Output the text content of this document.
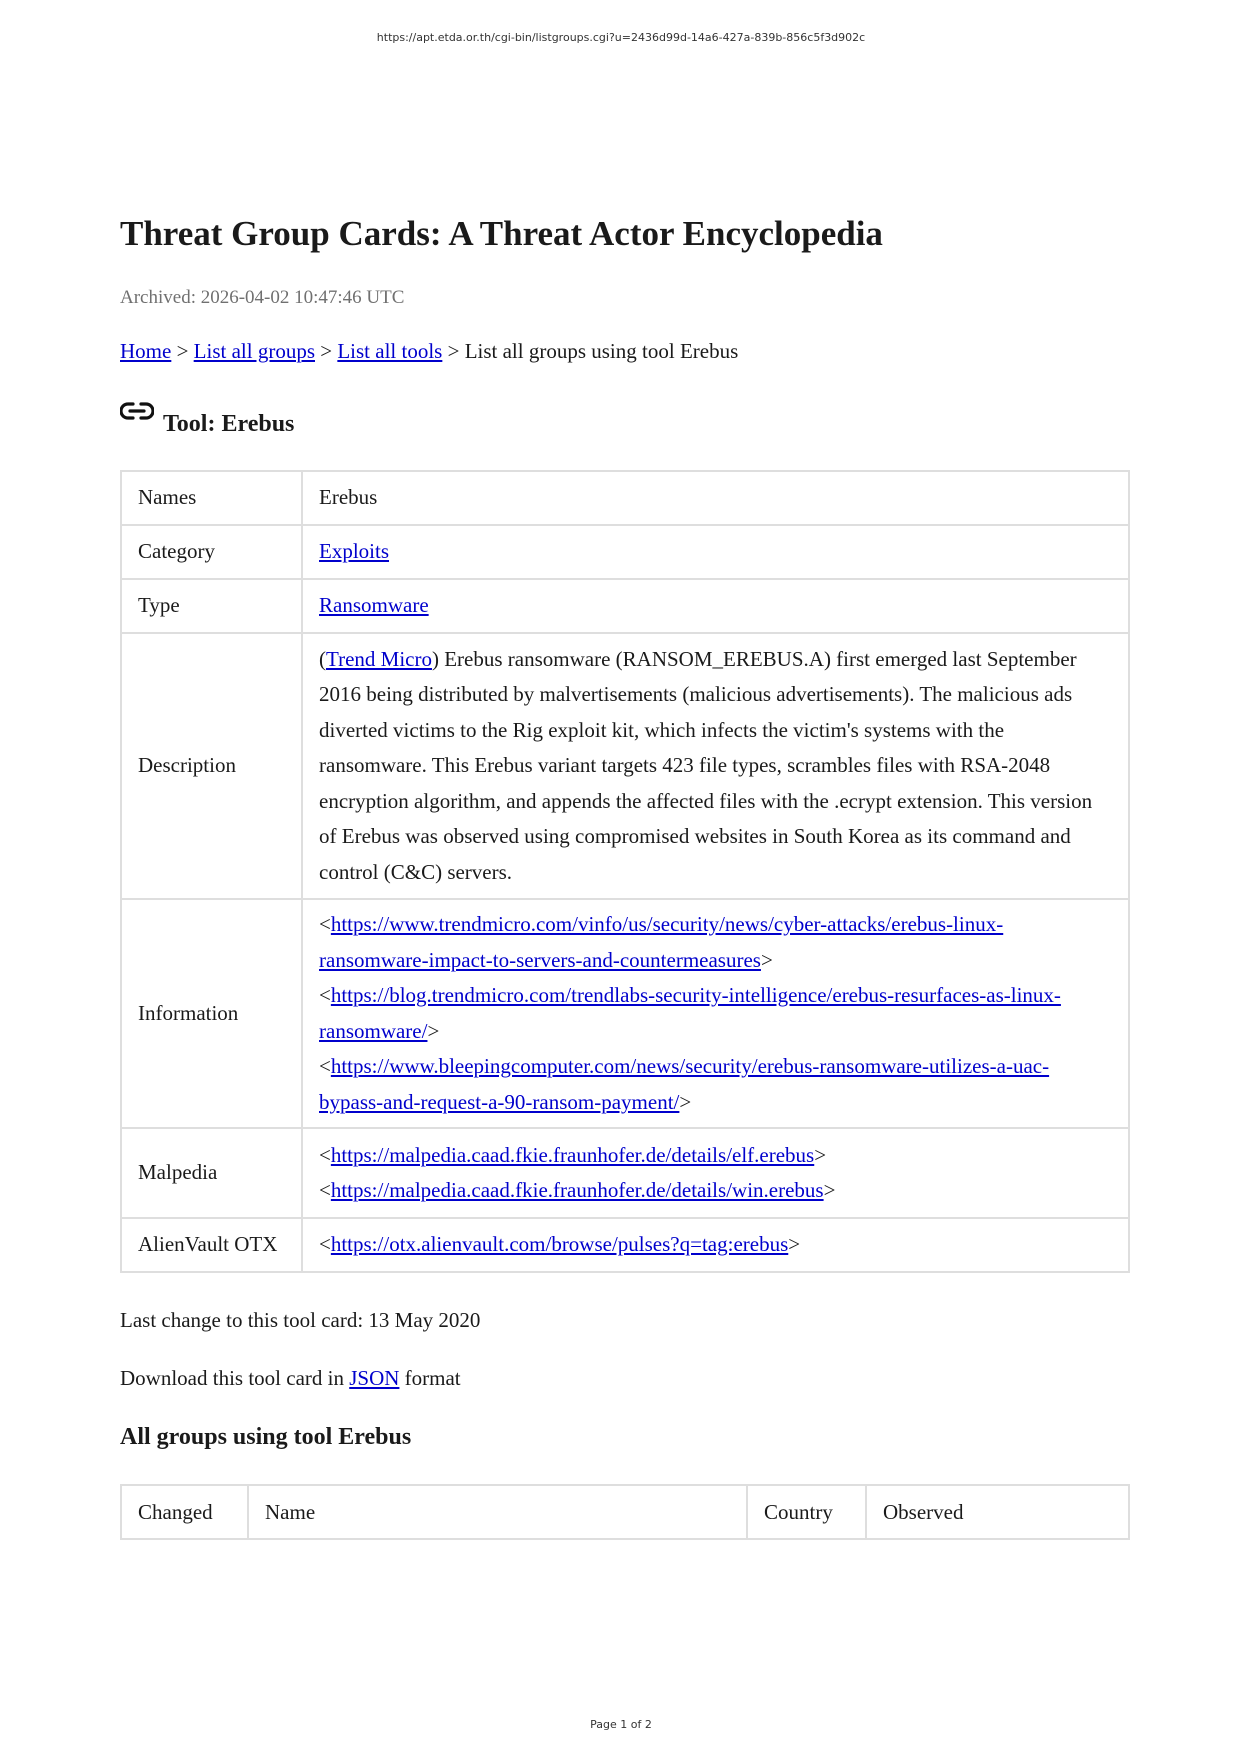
https://apt.etda.or.th/cgi-bin/listgroups.cgi?u=2436d99d-14a6-427a-839b-856c5f3d902c
Threat Group Cards: A Threat Actor Encyclopedia
Archived: 2026-04-02 10:47:46 UTC
Home > List all groups > List all tools > List all groups using tool Erebus
Tool: Erebus
Names	Erebus
Category	Exploits
Type	Ransomware
Description	(Trend Micro) Erebus ransomware (RANSOM_EREBUS.A) first emerged last September 2016 being distributed by malvertisements (malicious advertisements). The malicious ads diverted victims to the Rig exploit kit, which infects the victim's systems with the ransomware. This Erebus variant targets 423 file types, scrambles files with RSA-2048 encryption algorithm, and appends the affected files with the .ecrypt extension. This version of Erebus was observed using compromised websites in South Korea as its command and control (C&C) servers.
Information	<https://www.trendmicro.com/vinfo/us/security/news/cyber-attacks/erebus-linux-ransomware-impact-to-servers-and-countermeasures>
<https://blog.trendmicro.com/trendlabs-security-intelligence/erebus-resurfaces-as-linux-ransomware/>
<https://www.bleepingcomputer.com/news/security/erebus-ransomware-utilizes-a-uac-bypass-and-request-a-90-ransom-payment/>

Malpedia	<https://malpedia.caad.fkie.fraunhofer.de/details/elf.erebus>
<https://malpedia.caad.fkie.fraunhofer.de/details/win.erebus>

AlienVault OTX	<https://otx.alienvault.com/browse/pulses?q=tag:erebus>
Last change to this tool card: 13 May 2020
Download this tool card in JSON format
All groups using tool Erebus
Changed	Name	Country	Observed
Page 1 of 2
